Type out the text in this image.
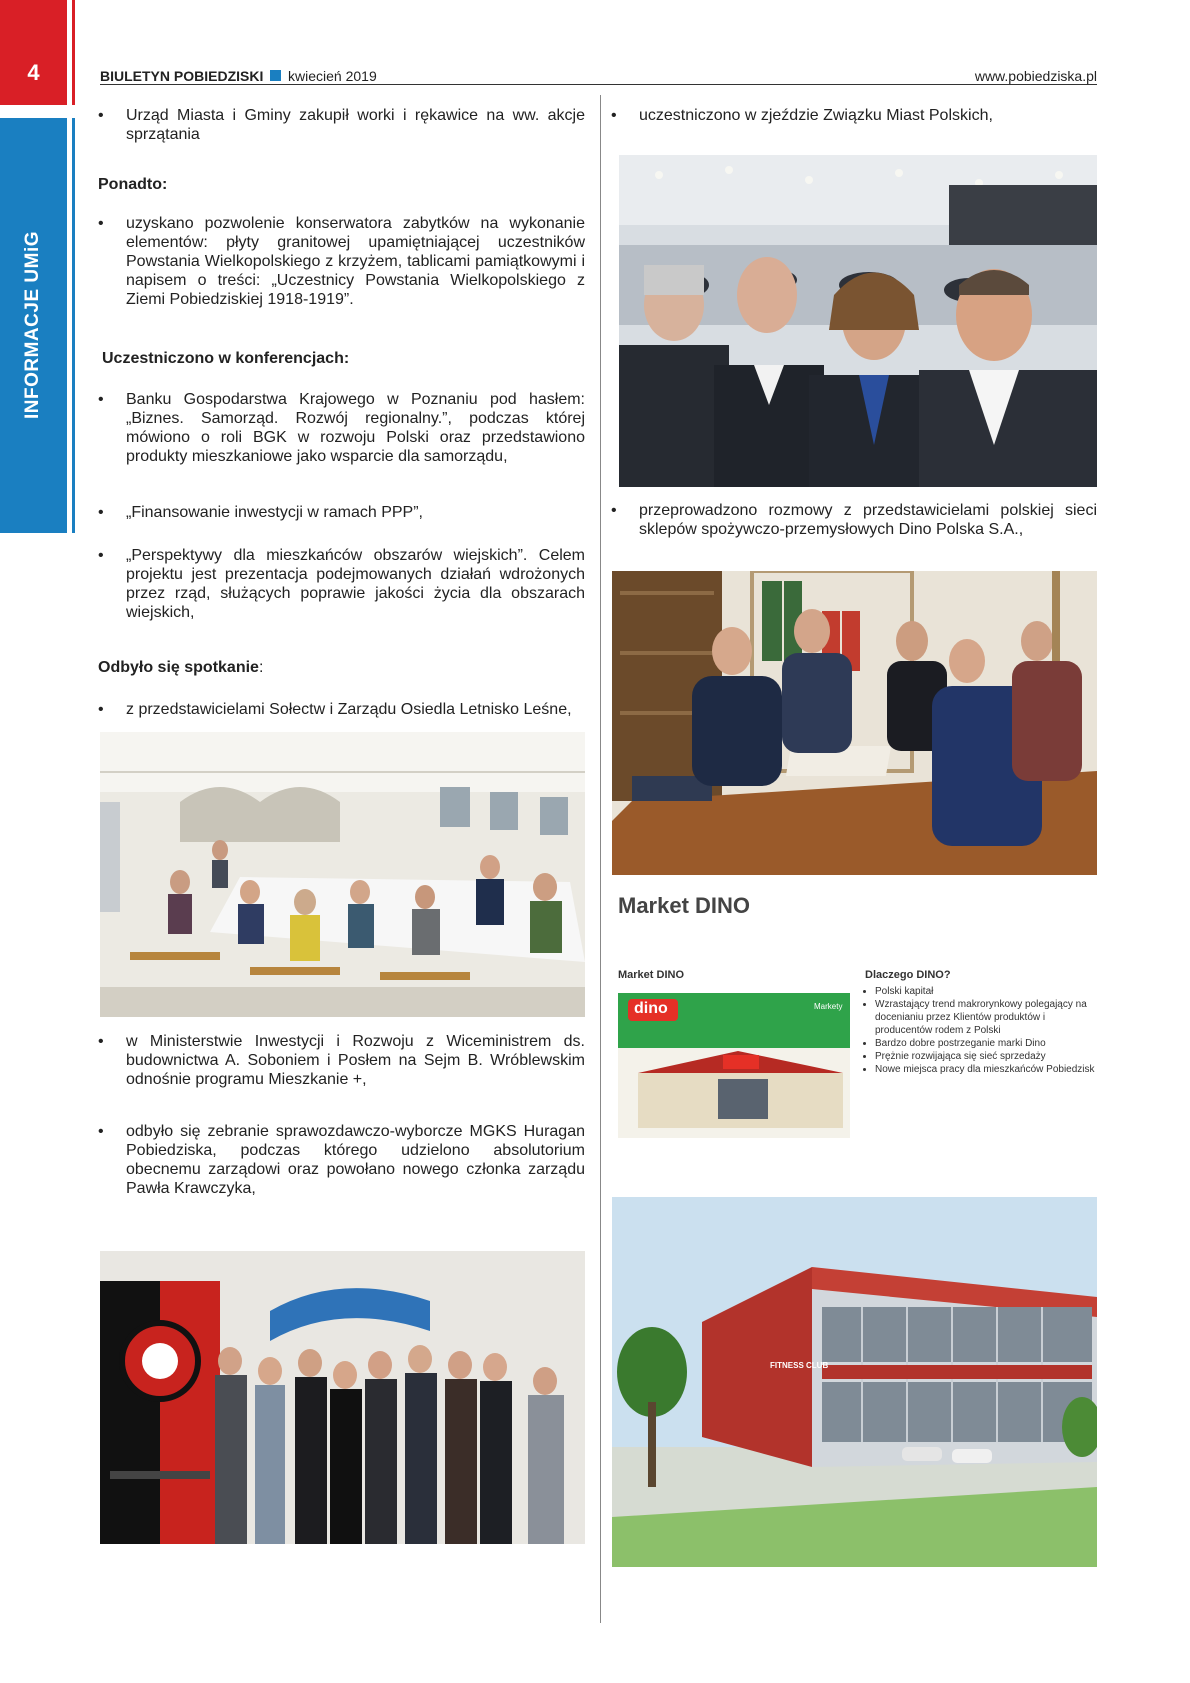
4
INFORMACJE UMiG
BIULETYN POBIEDZISKI kwiecień 2019	www.pobiedziska.pl
•	Urząd Miasta i Gminy zakupił worki i rękawice na ww. akcje sprzątania
Ponadto:
•	uzyskano pozwolenie konserwatora zabytków na wykonanie elementów: płyty granitowej upamiętniającej uczestników Powstania Wielkopolskiego z krzyżem, tablicami pamiątkowymi i napisem o treści: „Uczestnicy Powstania Wielkopolskiego z Ziemi Pobiedziskiej 1918-1919”.
Uczestniczono w konferencjach:
•	Banku Gospodarstwa Krajowego w Poznaniu pod hasłem: „Biznes. Samorząd. Rozwój regionalny.”, podczas której mówiono o roli BGK w rozwoju Polski oraz przedstawiono produkty mieszkaniowe jako wsparcie dla samorządu,
•	„Finansowanie inwestycji w ramach PPP”,
•	„Perspektywy dla mieszkańców obszarów wiejskich”. Celem projektu jest prezentacja podejmowanych działań wdrożonych przez rząd, służących poprawie jakości życia dla obszarach wiejskich,
Odbyło się spotkanie:
•	z przedstawicielami Sołectw i Zarządu Osiedla Letnisko Leśne,
•	w Ministerstwie Inwestycji i Rozwoju z Wiceministrem ds. budownictwa A. Soboniem i Posłem na Sejm B. Wróblewskim odnośnie programu Mieszkanie +,
•	odbyło się zebranie sprawozdawczo-wyborcze MGKS Huragan Pobiedziska, podczas którego udzielono absolutorium obecnemu zarządowi oraz powołano nowego członka zarządu Pawła Krawczyka,
•	uczestniczono w zjeździe Związku Miast Polskich,
•	przeprowadzono rozmowy z przedstawicielami polskiej sieci sklepów spożywczo-przemysłowych Dino Polska S.A.,
Market DINO
Market DINO	Dlaczego DINO?
• Polski kapitał
• Wzrastający trend makrorynkowy polegający na docenianiu przez Klientów produktów i producentów rodem z Polski
• Bardzo dobre postrzeganie marki Dino
• Prężnie rozwijająca się sieć sprzedaży
• Nowe miejsca pracy dla mieszkańców Pobiedzisk
dino	Markety
FITNESS CLUB
